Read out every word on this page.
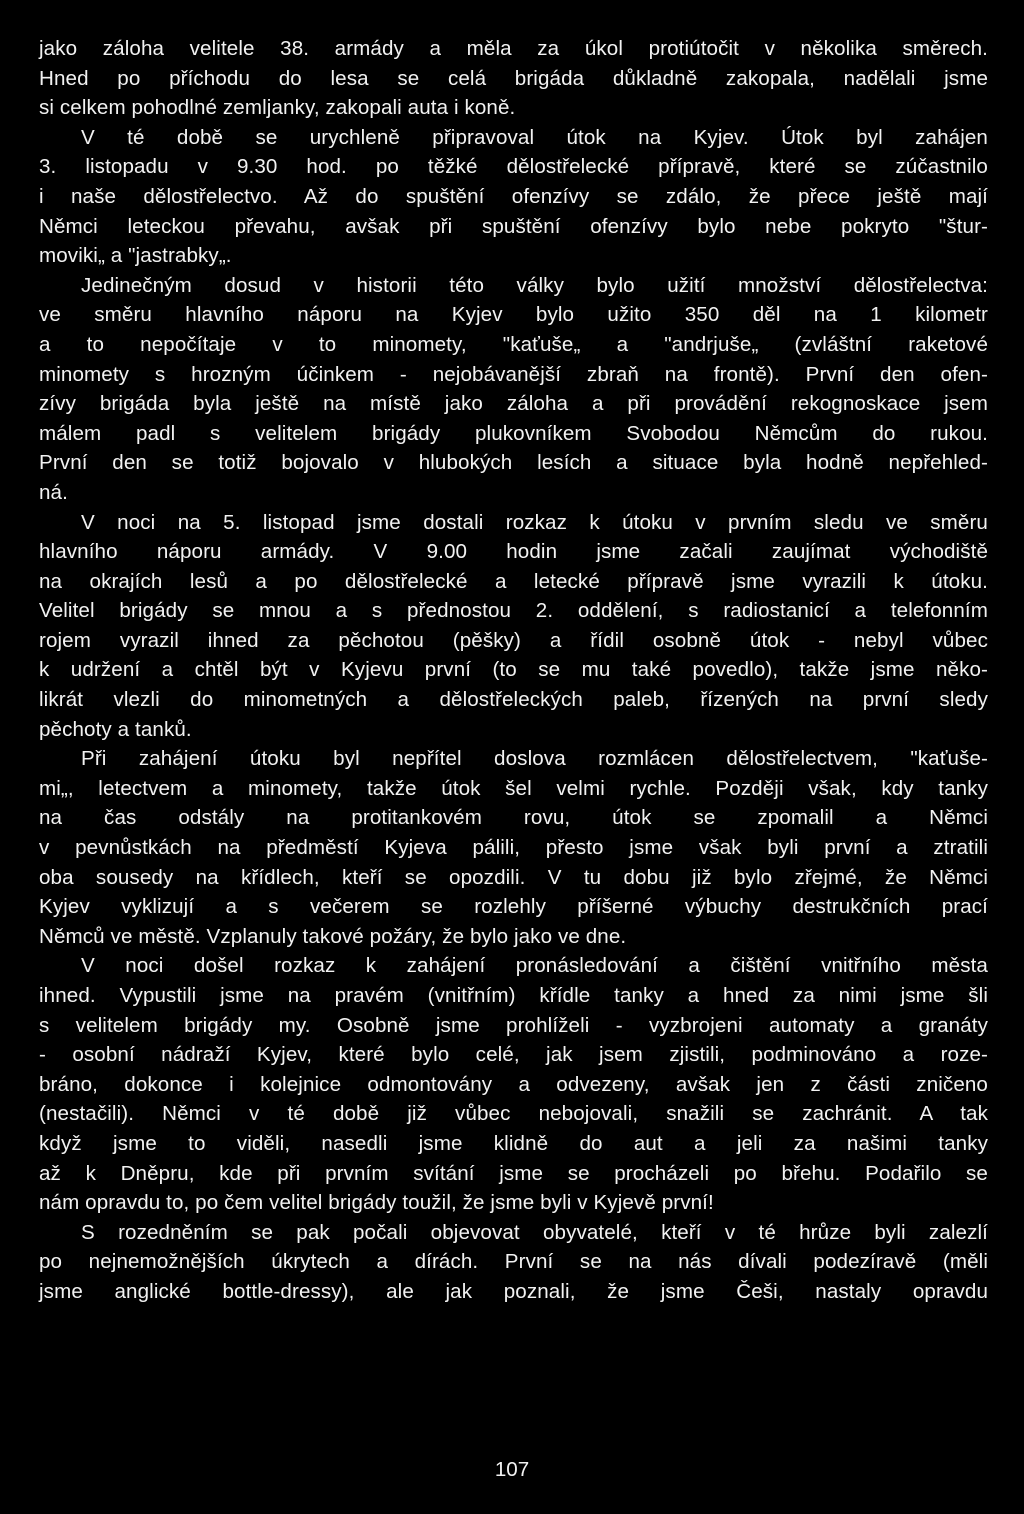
jako záloha velitele 38. armády a měla za úkol protiútočit v několika směrech.
Hned po příchodu do lesa se celá brigáda důkladně zakopala, nadělali jsme
si celkem pohodlné zemljanky, zakopali auta i koně.
V té době se urychleně připravoval útok na Kyjev. Útok byl zahájen
3. listopadu v 9.30 hod. po těžké dělostřelecké přípravě, které se zúčastnilo
i naše dělostřelectvo. Až do spuštění ofenzívy se zdálo, že přece ještě mají
Němci leteckou převahu, avšak při spuštění ofenzívy bylo nebe pokryto "štur-
moviki„ a "jastrabky„.
Jedinečným dosud v historii této války bylo užití množství dělostřelectva:
ve směru hlavního náporu na Kyjev bylo užito 350 děl na 1 kilometr
a to nepočítaje v to minomety, "kaťuše„ a "andrjuše„ (zvláštní raketové
minomety s hrozným účinkem - nejobávanější zbraň na frontě). První den ofen-
zívy brigáda byla ještě na místě jako záloha a při provádění rekognoskace jsem
málem padl s velitelem brigády plukovníkem Svobodou Němcům do rukou.
První den se totiž bojovalo v hlubokých lesích a situace byla hodně nepřehled-
ná.
V noci na 5. listopad jsme dostali rozkaz k útoku v prvním sledu ve směru
hlavního náporu armády. V 9.00 hodin jsme začali zaujímat východiště
na okrajích lesů a po dělostřelecké a letecké přípravě jsme vyrazili k útoku.
Velitel brigády se mnou a s přednostou 2. oddělení, s radiostanicí a telefonním
rojem vyrazil ihned za pěchotou (pěšky) a řídil osobně útok - nebyl vůbec
k udržení a chtěl být v Kyjevu první (to se mu také povedlo), takže jsme něko-
likrát vlezli do minometných a dělostřeleckých paleb, řízených na první sledy
pěchoty a tanků.
Při zahájení útoku byl nepřítel doslova rozmlácen dělostřelectvem, "kaťuše-
mi„, letectvem a minomety, takže útok šel velmi rychle. Později však, kdy tanky
na čas odstály na protitankovém rovu, útok se zpomalil a Němci
v pevnůstkách na předměstí Kyjeva pálili, přesto jsme však byli první a ztratili
oba sousedy na křídlech, kteří se opozdili. V tu dobu již bylo zřejmé, že Němci
Kyjev vyklizují a s večerem se rozlehly příšerné výbuchy destrukčních prací
Němců ve městě. Vzplanuly takové požáry, že bylo jako ve dne.
V noci došel rozkaz k zahájení pronásledování a čištění vnitřního města
ihned. Vypustili jsme na pravém (vnitřním) křídle tanky a hned za nimi jsme šli
s velitelem brigády my. Osobně jsme prohlíželi - vyzbrojeni automaty a granáty
- osobní nádraží Kyjev, které bylo celé, jak jsem zjistili, podminováno a roze-
bráno, dokonce i kolejnice odmontovány a odvezeny, avšak jen z části zničeno
(nestačili). Němci v té době již vůbec nebojovali, snažili se zachránit. A tak
když jsme to viděli, nasedli jsme klidně do aut a jeli za našimi tanky
až k Dněpru, kde při prvním svítání jsme se procházeli po břehu. Podařilo se
nám opravdu to, po čem velitel brigády toužil, že jsme byli v Kyjevě první!
S rozedněním se pak počali objevovat obyvatelé, kteří v té hrůze byli zalezlí
po nejnemožnějších úkrytech a dírách. První se na nás dívali podezíravě (měli
jsme anglické bottle-dressy), ale jak poznali, že jsme Češi, nastaly opravdu
107
